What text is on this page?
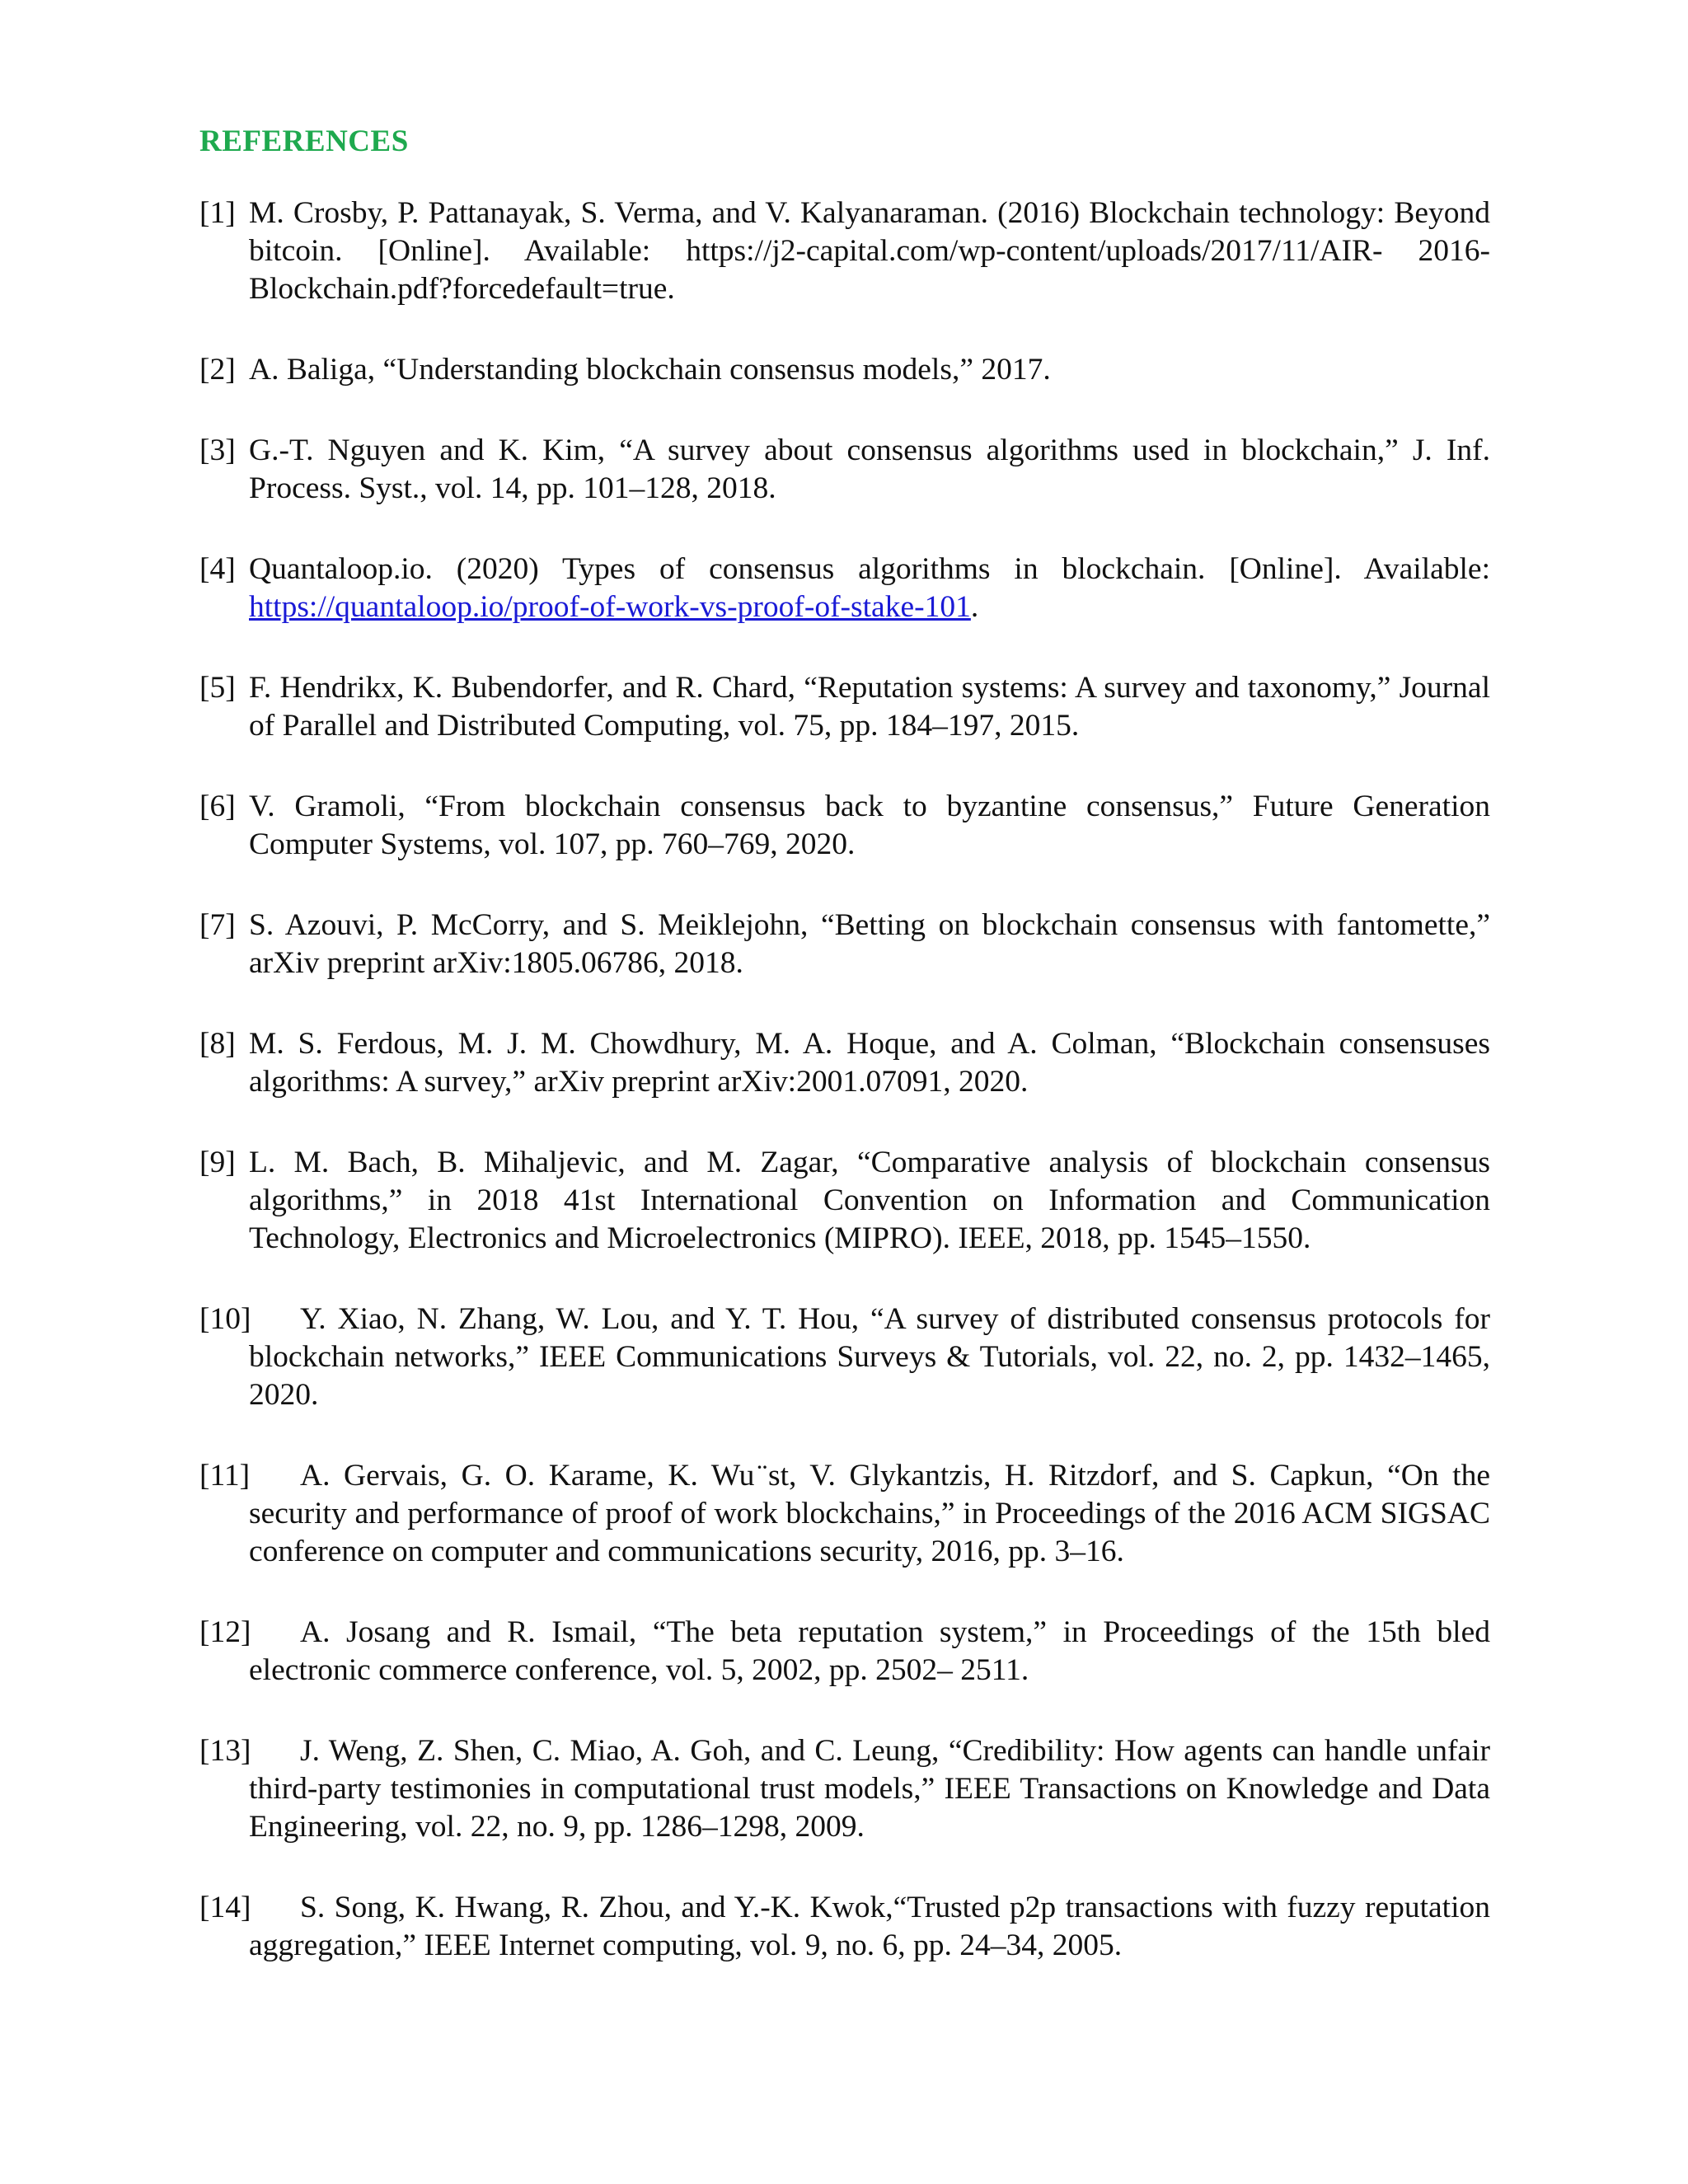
REFERENCES
[1] M. Crosby, P. Pattanayak, S. Verma, and V. Kalyanaraman. (2016) Blockchain technology: Beyond bitcoin. [Online]. Available: https://j2-capital.com/wp-content/uploads/2017/11/AIR- 2016-Blockchain.pdf?forcedefault=true.
[2] A. Baliga, “Understanding blockchain consensus models,” 2017.
[3] G.-T. Nguyen and K. Kim, “A survey about consensus algorithms used in blockchain,” J. Inf. Process. Syst., vol. 14, pp. 101–128, 2018.
[4] Quantaloop.io. (2020) Types of consensus algorithms in blockchain. [Online]. Available: https://quantaloop.io/proof-of-work-vs-proof-of-stake-101.
[5] F. Hendrikx, K. Bubendorfer, and R. Chard, “Reputation systems: A survey and taxonomy,” Journal of Parallel and Distributed Computing, vol. 75, pp. 184–197, 2015.
[6] V. Gramoli, “From blockchain consensus back to byzantine consensus,” Future Generation Computer Systems, vol. 107, pp. 760–769, 2020.
[7] S. Azouvi, P. McCorry, and S. Meiklejohn, “Betting on blockchain consensus with fantomette,” arXiv preprint arXiv:1805.06786, 2018.
[8] M. S. Ferdous, M. J. M. Chowdhury, M. A. Hoque, and A. Colman, “Blockchain consensuses algorithms: A survey,” arXiv preprint arXiv:2001.07091, 2020.
[9] L. M. Bach, B. Mihaljevic, and M. Zagar, “Comparative analysis of blockchain consensus algorithms,” in 2018 41st International Convention on Information and Communication Technology, Electronics and Microelectronics (MIPRO). IEEE, 2018, pp. 1545–1550.
[10] Y. Xiao, N. Zhang, W. Lou, and Y. T. Hou, “A survey of distributed consensus protocols for blockchain networks,” IEEE Communications Surveys & Tutorials, vol. 22, no. 2, pp. 1432–1465, 2020.
[11] A. Gervais, G. O. Karame, K. Wu ̈st, V. Glykantzis, H. Ritzdorf, and S. Capkun, “On the security and performance of proof of work blockchains,” in Proceedings of the 2016 ACM SIGSAC conference on computer and communications security, 2016, pp. 3–16.
[12] A. Josang and R. Ismail, “The beta reputation system,” in Proceedings of the 15th bled electronic commerce conference, vol. 5, 2002, pp. 2502– 2511.
[13] J. Weng, Z. Shen, C. Miao, A. Goh, and C. Leung, “Credibility: How agents can handle unfair third-party testimonies in computational trust models,” IEEE Transactions on Knowledge and Data Engineering, vol. 22, no. 9, pp. 1286–1298, 2009.
[14] S. Song, K. Hwang, R. Zhou, and Y.-K. Kwok,“Trusted p2p transactions with fuzzy reputation aggregation,” IEEE Internet computing, vol. 9, no. 6, pp. 24–34, 2005.
